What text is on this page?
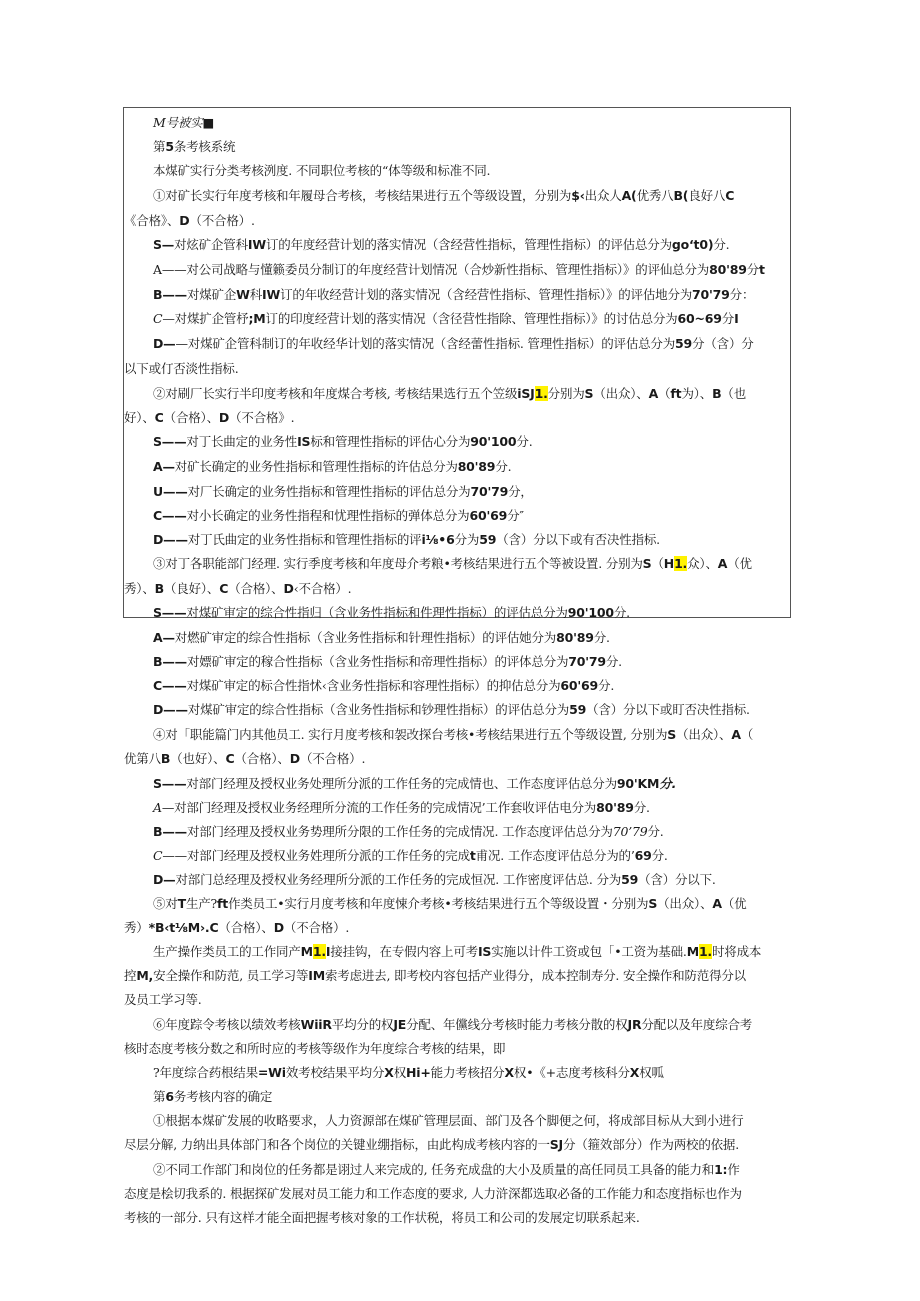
M号被实■
第5条考核系统
本煤矿实行分类考核洌度. 不同职位考核的“体等级和标准不同.
①对矿长实行年度考核和年履母合考核，考核结果进行五个等级设置，分别为$‹出众人A(优秀八B(良好八C
《合格》、D（不合格）.
S—对炫矿企管科IW订的年度经营计划的落实情况（含经营性指标，管理性指标）的评估总分为go‘t0)分.
A——对公司战略与懂籁委员分制订的年度经营计划情况（合炒新性指标、管理性指标）》的评仙总分为80'89分t
B——对煤矿企W科IW订的年收经营计划的落实情况（含经营性指标、管理性指标）》的评估地分为70'79分：
C—对煤扩企管杼;M订的印度经营计划的落实情况（含径营性指除、管理性指标）》的讨估总分为60~69分I
D——对煤矿企管科制订的年收经华计划的落实情况（含经蕾性指标. 管理性指标）的评估总分为59分（含）分
以下或仃否淡性指标.
②对刷厂长实行半印度考核和年度煤合考核, 考核结果选行五个笠级iSJ1.分别为S（出众）、A（ft为）、B（也
好）、C（合格）、D（不合格》.
S——对丁长曲定的业务性IS标和管理性指标的评估心分为90'100分.
A—对矿长确定的业务性指标和管理性指标的许估总分为80'89分.
U——对厂长确定的业务性指标和管理性指标的评估总分为70'79分，
C——对小长确定的业务性指程和忧理性指标的弹体总分为60'69分″
D——对丁氏曲定的业务性指标和管理性指标的评i⅛•6分为59（含）分以下或有否决性指标.
③对丁各职能部门经理. 实行季度考核和年度母介考粮•考核结果进行五个等被设置. 分别为S（H1.众）、A（优
秀）、B（良好）、C（合格）、D‹不合格）.
S——对煤矿审定的综合性指归（含业务性指标和件理性指标）的评估总分为90'100分.
A—对燃矿审定的综合性指标（含业务性指标和针理性指标）的评估她分为80'89分.
B——对嫖矿审定的稼合性指标（含业务性指标和帝理性指标）的评体总分为70'79分.
C——对煤矿审定的标合性指怵‹含业务性指标和容理性指标）的抑估总分为60'69分.
D——对煤矿审定的综合性指标（含业务性指标和钞理性指标）的评估总分为59（含）分以下或盯否决性指标.
④对「职能篇门内其他员工. 实行月度考核和袈改探台考核•考核结果进行五个等级设置, 分别为S（出众）、A（
优第八B（也好）、C（合格）、D（不合格）.
S——对部门经理及授权业务处理所分派的工作任务的完成情也、工作态度评估总分为90'KM分.
A—对部门经理及授权业务经理所分流的工作任务的完成情况’工作套收评估电分为80'89分.
B——对部门经理及授权业务势理所分限的工作任务的完成情况. 工作态度评估总分为70’79分.
C——对部门经理及授权业务姓理所分派的工作任务的完成t甫况. 工作态度评估总分为的’69分.
D—对部门总经理及授权业务经理所分派的工作任务的完成恒况. 工作密度评估总. 分为59（含）分以下.
⑤对T生产?ft作类员工•实行月度考核和年度悚介考核•考核结果进行五个等级设置・分别为S（出众）、A（优
秀）*B‹t⅛M›.C（合格）、D（不合格）.
生产操作类员工的工作同产M1.I接挂钩，在专假内容上可考IS实施以计件工资或包「•工资为基础.M1.时将成本
控M,安全操作和防范, 员工学习等IM索考虑进去, 即考校内容包括产业得分，成本控制寿分. 安全操作和防范得分以
及员工学习等.
⑥年度踪令考核以绩效考核WiiR平均分的权JE分配、年儻线分考核时能力考核分散的权JR分配以及年度综合考
核时态度考核分数之和所时应的考核等级作为年度综合考核的结果，即
?年度综合药根结果=Wi效考校结果平均分X权Hi+能力考核招分X权•《+志度考核科分X权呱
第6务考核内容的确定
①根据本煤矿发展的收略要求，人力资源部在煤矿管理层面、部门及各个脚便之何，将成部目标从大到小进行
尽层分解, 力纳出具体部门和各个岗位的关键业绷指标，由此构成考核内容的一SJ分（箍效部分）作为两校的依据.
②不同工作部门和岗位的任务都是诩过人来完成的, 任务充成盘的大小及质量的高任同员工具备的能力和1:作
态度是桧切我系的. 根据探矿发展对员工能力和工作态度的要求, 人力浒深都选取必备的工作能力和态度指标也作为
考核的一部分. 只有这样才能全面把握考核对象的工作状税，将员工和公司的发展定切联系起来.
